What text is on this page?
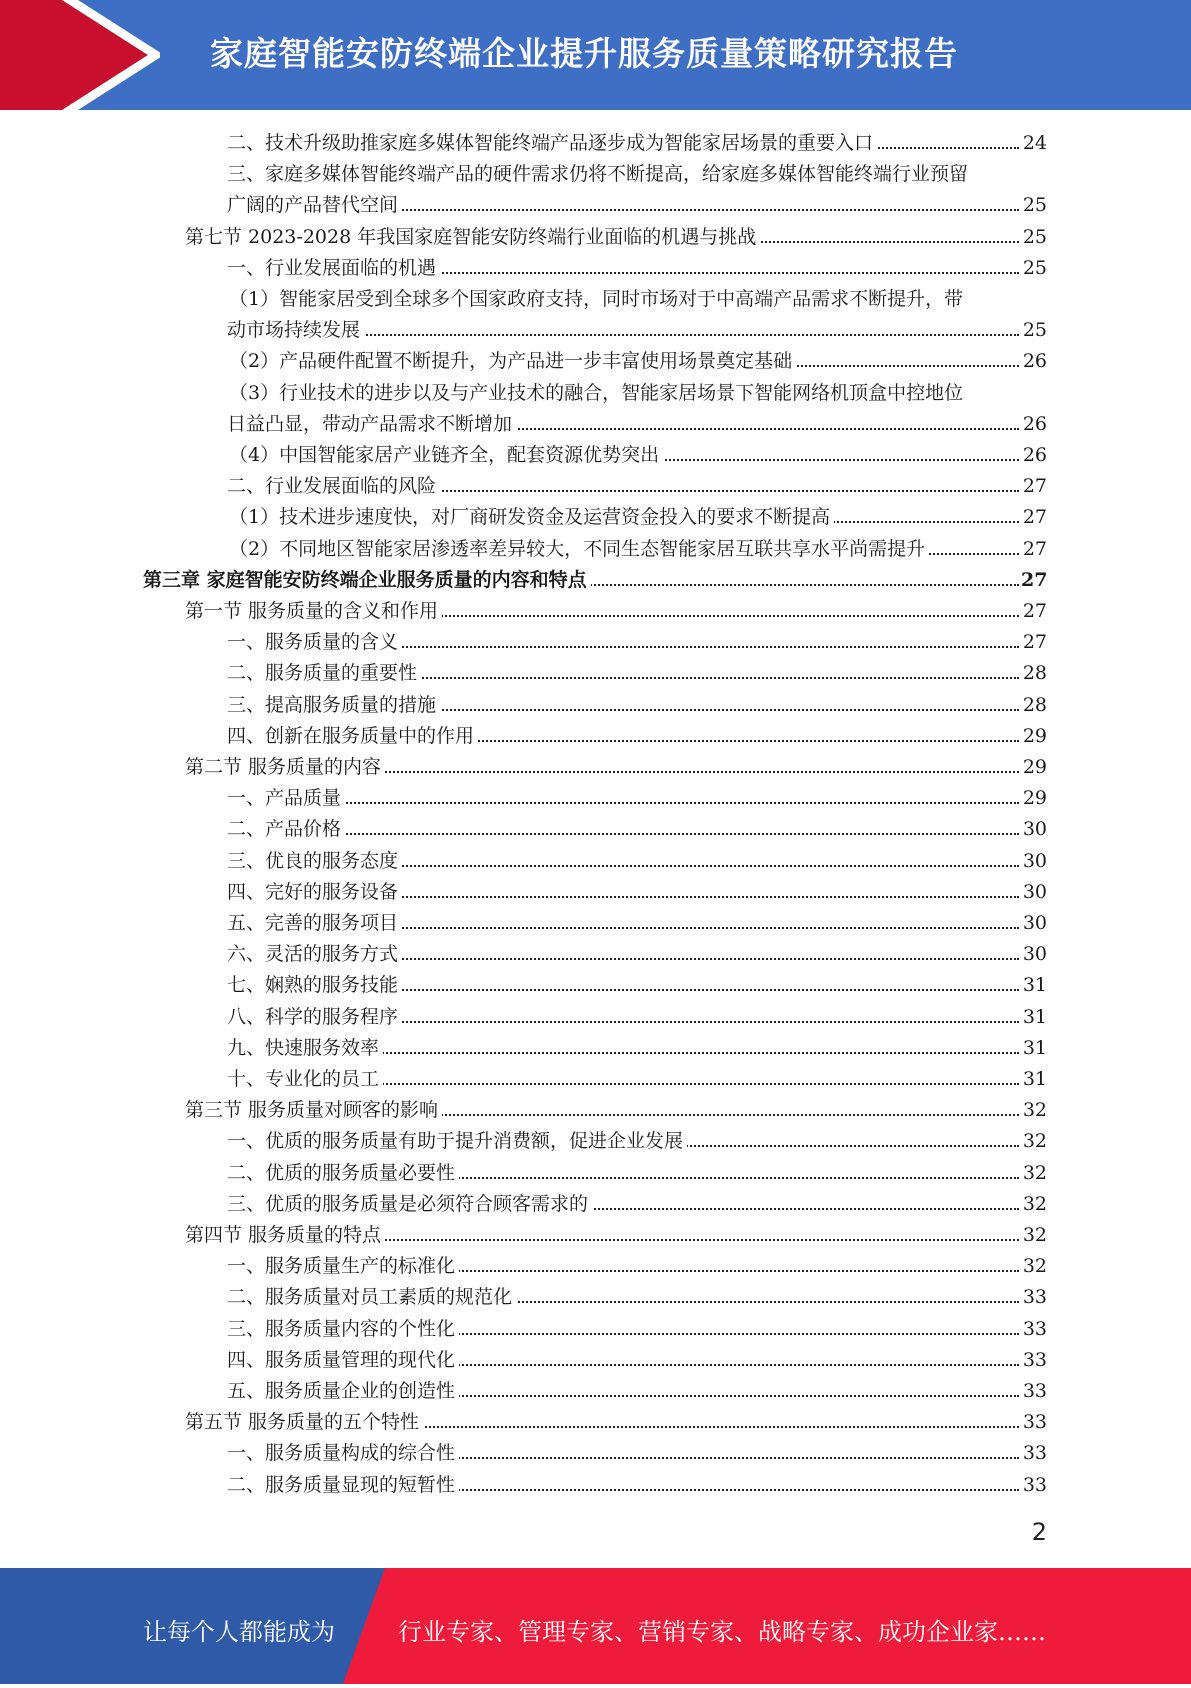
家庭智能安防终端企业提升服务质量策略研究报告
二、技术升级助推家庭多媒体智能终端产品逐步成为智能家居场景的重要入口	24
三、家庭多媒体智能终端产品的硬件需求仍将不断提高，给家庭多媒体智能终端行业预留
广阔的产品替代空间	25
第七节 2023-2028 年我国家庭智能安防终端行业面临的机遇与挑战	25
一、行业发展面临的机遇	25
（1）智能家居受到全球多个国家政府支持，同时市场对于中高端产品需求不断提升，带
动市场持续发展	25
（2）产品硬件配置不断提升，为产品进一步丰富使用场景奠定基础	26
（3）行业技术的进步以及与产业技术的融合，智能家居场景下智能网络机顶盒中控地位
日益凸显，带动产品需求不断增加	26
（4）中国智能家居产业链齐全，配套资源优势突出	26
二、行业发展面临的风险	27
（1）技术进步速度快，对厂商研发资金及运营资金投入的要求不断提高	27
（2）不同地区智能家居渗透率差异较大，不同生态智能家居互联共享水平尚需提升	27
第三章 家庭智能安防终端企业服务质量的内容和特点	27
第一节 服务质量的含义和作用	27
一、服务质量的含义	27
二、服务质量的重要性	28
三、提高服务质量的措施	28
四、创新在服务质量中的作用	29
第二节 服务质量的内容	29
一、产品质量	29
二、产品价格	30
三、优良的服务态度	30
四、完好的服务设备	30
五、完善的服务项目	30
六、灵活的服务方式	30
七、娴熟的服务技能	31
八、科学的服务程序	31
九、快速服务效率	31
十、专业化的员工	31
第三节 服务质量对顾客的影响	32
一、优质的服务质量有助于提升消费额，促进企业发展	32
二、优质的服务质量必要性	32
三、优质的服务质量是必须符合顾客需求的	32
第四节 服务质量的特点	32
一、服务质量生产的标准化	32
二、服务质量对员工素质的规范化	33
三、服务质量内容的个性化	33
四、服务质量管理的现代化	33
五、服务质量企业的创造性	33
第五节 服务质量的五个特性	33
一、服务质量构成的综合性	33
二、服务质量显现的短暂性	33
2
让每个人都能成为	行业专家、管理专家、营销专家、战略专家、成功企业家……
